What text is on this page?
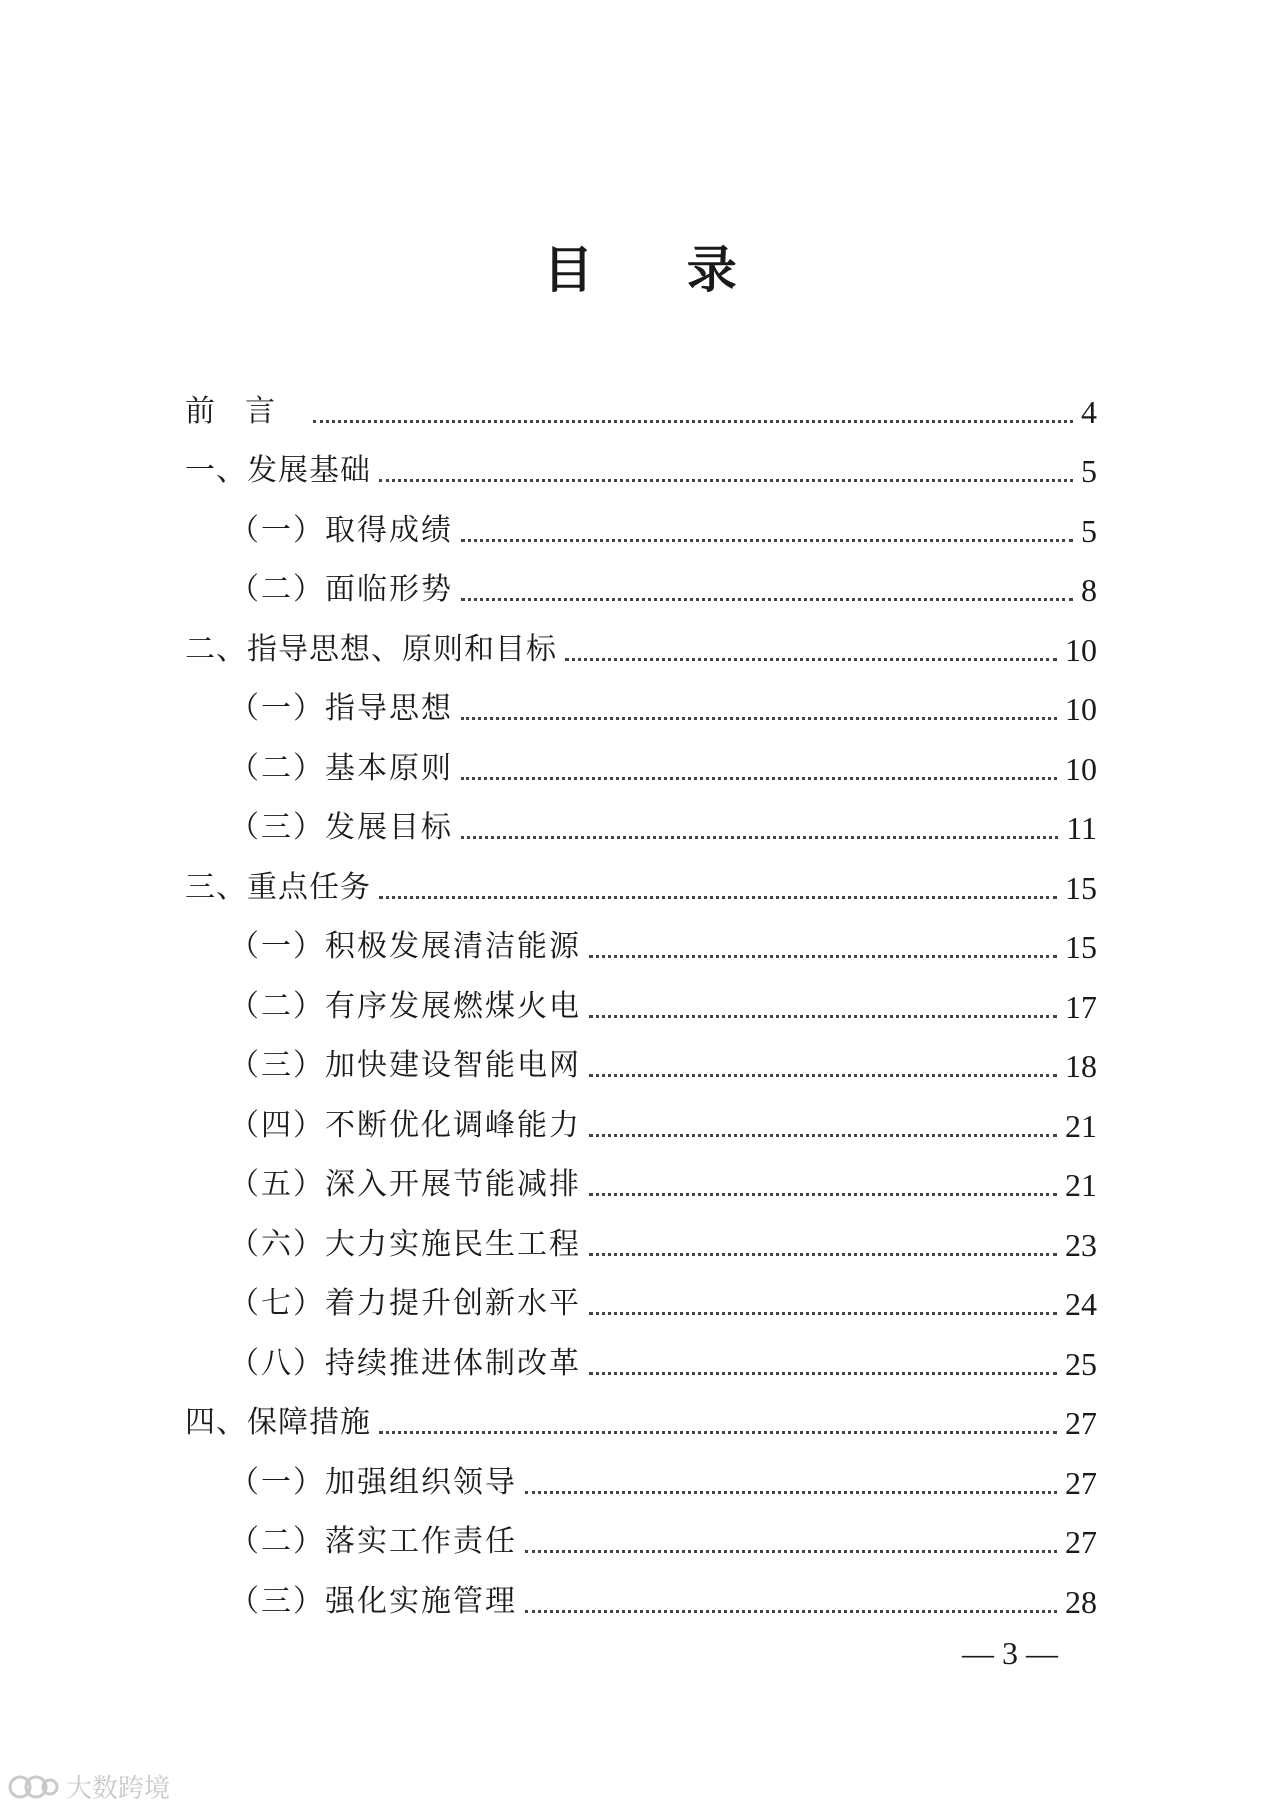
目 录
前言	4
一、发展基础	5
（一）取得成绩	5
（二）面临形势	8
二、指导思想、原则和目标	10
（一）指导思想	10
（二）基本原则	10
（三）发展目标	11
三、重点任务	15
（一）积极发展清洁能源	15
（二）有序发展燃煤火电	17
（三）加快建设智能电网	18
（四）不断优化调峰能力	21
（五）深入开展节能减排	21
（六）大力实施民生工程	23
（七）着力提升创新水平	24
（八）持续推进体制改革	25
四、保障措施	27
（一）加强组织领导	27
（二）落实工作责任	27
（三）强化实施管理	28
— 3 —
大数跨境
